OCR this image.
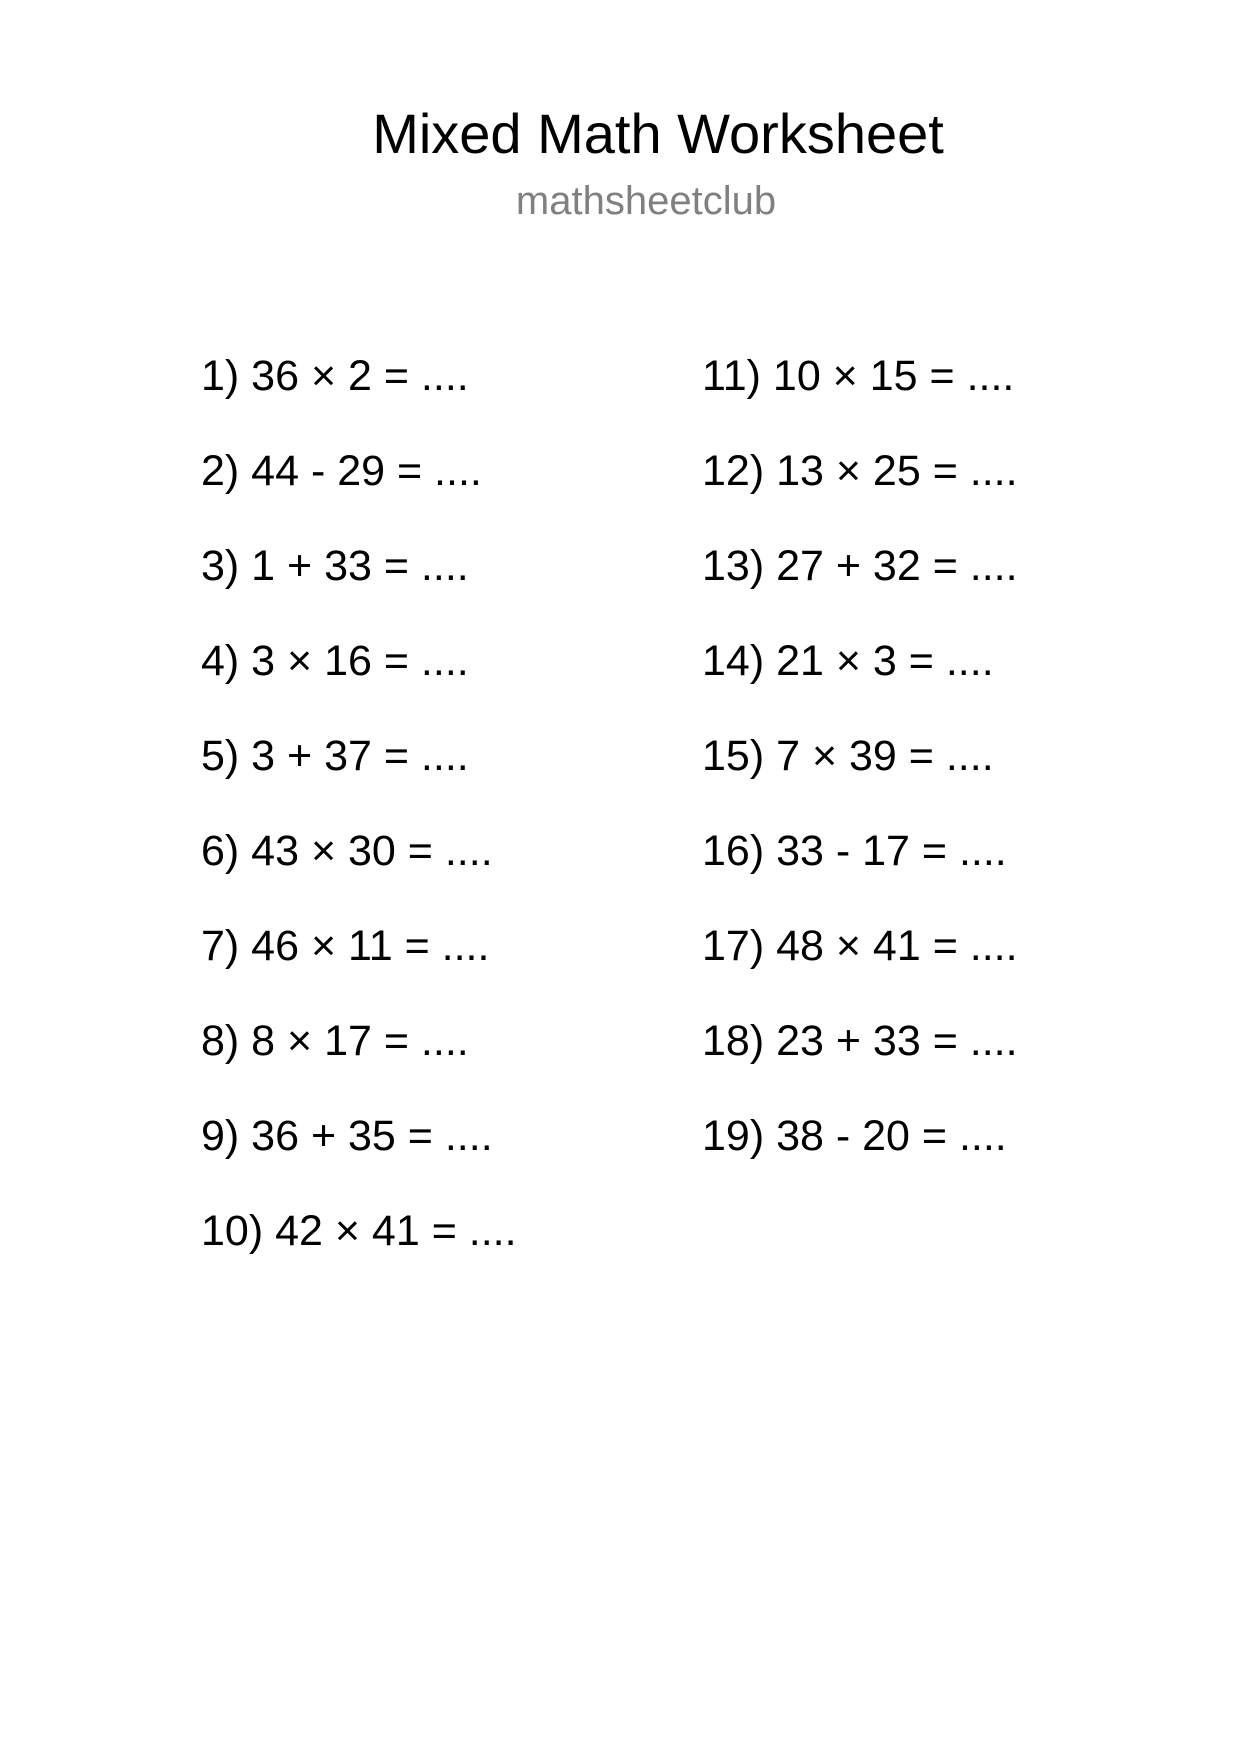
Mixed Math Worksheet
mathsheetclub
1) 36 × 2 = ....
2) 44 - 29 = ....
3) 1 + 33 = ....
4) 3 × 16 = ....
5) 3 + 37 = ....
6) 43 × 30 = ....
7) 46 × 11 = ....
8) 8 × 17 = ....
9) 36 + 35 = ....
10) 42 × 41 = ....
11) 10 × 15 = ....
12) 13 × 25 = ....
13) 27 + 32 = ....
14) 21 × 3 = ....
15) 7 × 39 = ....
16) 33 - 17 = ....
17) 48 × 41 = ....
18) 23 + 33 = ....
19) 38 - 20 = ....
